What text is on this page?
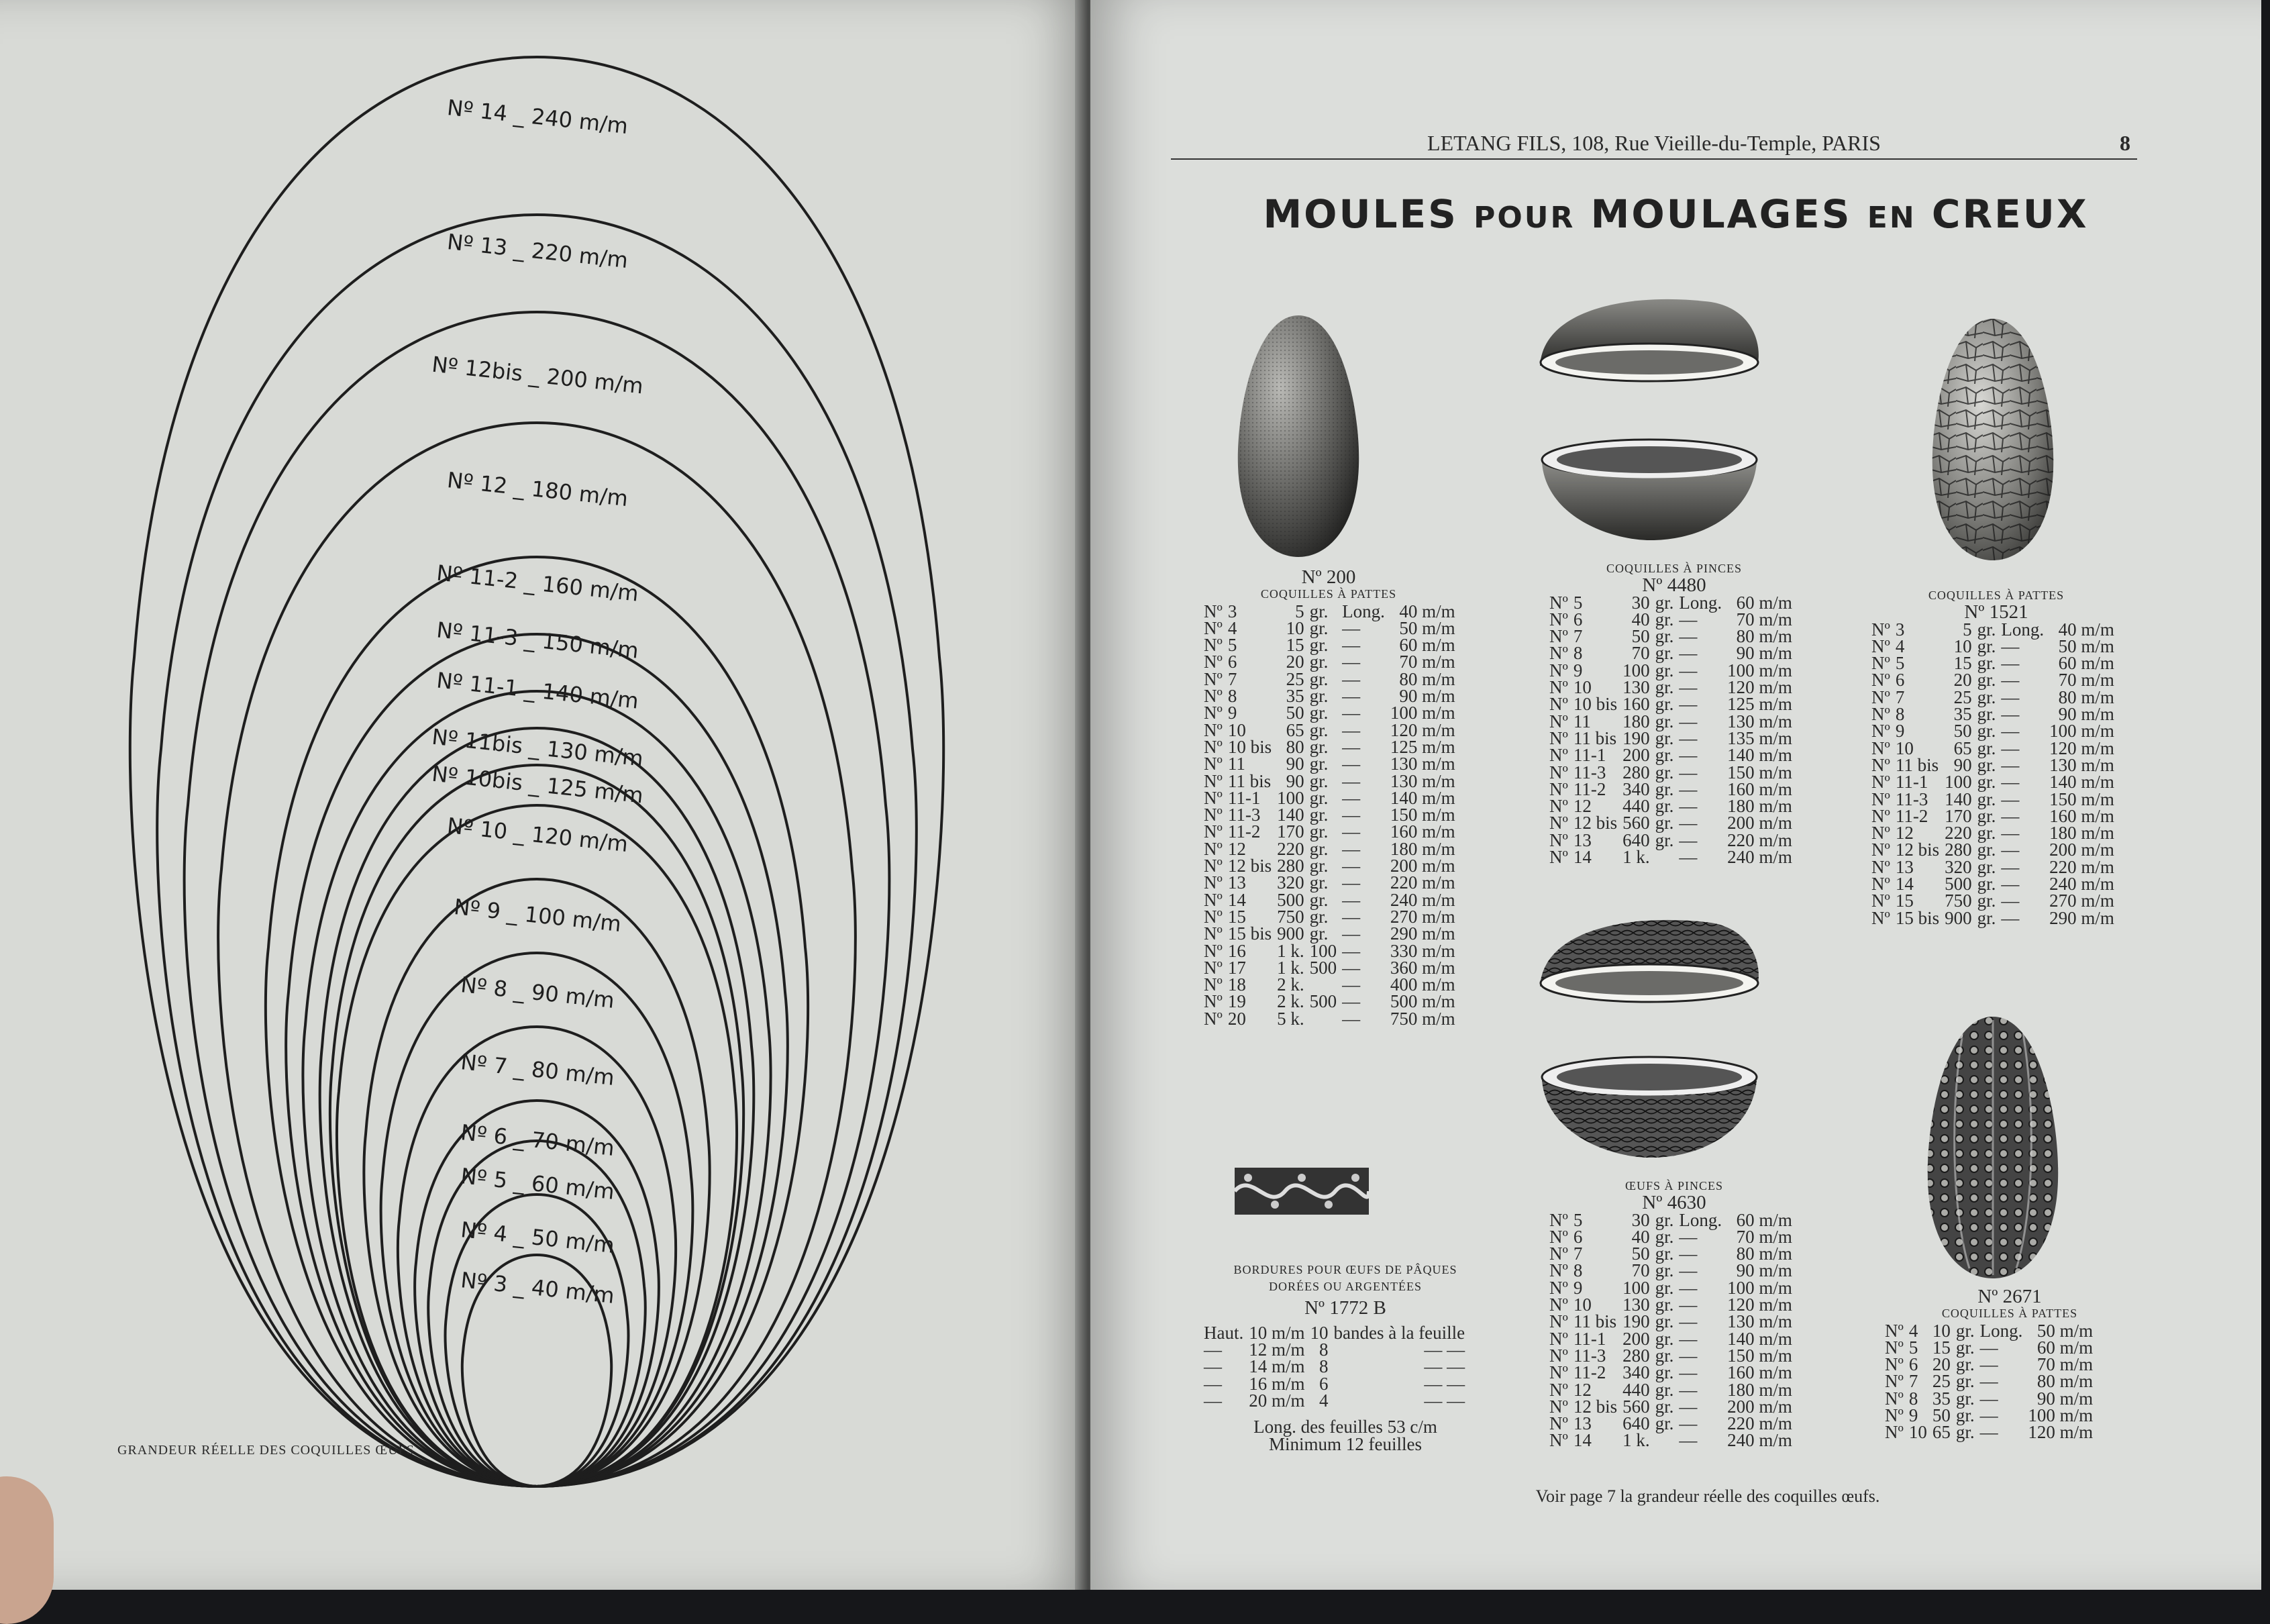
Nº 14 _ 240 m/m
Nº 13 _ 220 m/m
Nº 12bis _ 200 m/m
Nº 12 _ 180 m/m
Nº 11-2 _ 160 m/m
Nº 11-3 _ 150 m/m
Nº 11-1 _ 140 m/m
Nº 11bis _ 130 m/m
Nº 10bis _ 125 m/m
Nº 10 _ 120 m/m
Nº 9 _ 100 m/m
Nº 8 _ 90 m/m
Nº 7 _ 80 m/m
Nº 6 _ 70 m/m
Nº 5 _ 60 m/m
Nº 4 _ 50 m/m
Nº 3 _ 40 m/m
GRANDEUR RÉELLE DES COQUILLES ŒUFS
LETANG FILS, 108, Rue Vieille-du-Temple, PARIS	8

MOULES POUR MOULAGES EN CREUX
Nº 200
COQUILLES À PATTES
Nº	3	5	gr.	Long.	40 m/m
Nº	4	10	gr.	—	50 m/m
Nº	5	15	gr.	—	60 m/m
Nº	6	20	gr.	—	70 m/m
Nº	7	25	gr.	—	80 m/m
Nº	8	35	gr.	—	90 m/m
Nº	9	50	gr.	—	100 m/m
Nº	10	65	gr.	—	120 m/m
Nº	10 bis	80	gr.	—	125 m/m
Nº	11	90	gr.	—	130 m/m
Nº	11 bis	90	gr.	—	130 m/m
Nº	11-1	100	gr.	—	140 m/m
Nº	11-3	140	gr.	—	150 m/m
Nº	11-2	170	gr.	—	160 m/m
Nº	12	220	gr.	—	180 m/m
Nº	12 bis	280	gr.	—	200 m/m
Nº	13	320	gr.	—	220 m/m
Nº	14	500	gr.	—	240 m/m
Nº	15	750	gr.	—	270 m/m
Nº	15 bis	900	gr.	—	290 m/m
Nº	16	1 k.	100	—	330 m/m
Nº	17	1 k.	500	—	360 m/m
Nº	18	2 k.		—	400 m/m
Nº	19	2 k.	500	—	500 m/m
Nº	20	5 k.		—	750 m/m
COQUILLES À PINCES
Nº 4480
Nº	5	30	gr.	Long.	60 m/m
Nº	6	40	gr.	—	70 m/m
Nº	7	50	gr.	—	80 m/m
Nº	8	70	gr.	—	90 m/m
Nº	9	100	gr.	—	100 m/m
Nº	10	130	gr.	—	120 m/m
Nº	10 bis	160	gr.	—	125 m/m
Nº	11	180	gr.	—	130 m/m
Nº	11 bis	190	gr.	—	135 m/m
Nº	11-1	200	gr.	—	140 m/m
Nº	11-3	280	gr.	—	150 m/m
Nº	11-2	340	gr.	—	160 m/m
Nº	12	440	gr.	—	180 m/m
Nº	12 bis	560	gr.	—	200 m/m
Nº	13	640	gr.	—	220 m/m
Nº	14	1 k.		—	240 m/m
COQUILLES À PATTES
Nº 1521
Nº	3	5	gr.	Long.	40 m/m
Nº	4	10	gr.	—	50 m/m
Nº	5	15	gr.	—	60 m/m
Nº	6	20	gr.	—	70 m/m
Nº	7	25	gr.	—	80 m/m
Nº	8	35	gr.	—	90 m/m
Nº	9	50	gr.	—	100 m/m
Nº	10	65	gr.	—	120 m/m
Nº	11 bis	90	gr.	—	130 m/m
Nº	11-1	100	gr.	—	140 m/m
Nº	11-3	140	gr.	—	150 m/m
Nº	11-2	170	gr.	—	160 m/m
Nº	12	220	gr.	—	180 m/m
Nº	12 bis	280	gr.	—	200 m/m
Nº	13	320	gr.	—	220 m/m
Nº	14	500	gr.	—	240 m/m
Nº	15	750	gr.	—	270 m/m
Nº	15 bis	900	gr.	—	290 m/m
ŒUFS À PINCES
Nº 4630
Nº	5	30	gr.	Long.	60 m/m
Nº	6	40	gr.	—	70 m/m
Nº	7	50	gr.	—	80 m/m
Nº	8	70	gr.	—	90 m/m
Nº	9	100	gr.	—	100 m/m
Nº	10	130	gr.	—	120 m/m
Nº	11 bis	190	gr.	—	130 m/m
Nº	11-1	200	gr.	—	140 m/m
Nº	11-3	280	gr.	—	150 m/m
Nº	11-2	340	gr.	—	160 m/m
Nº	12	440	gr.	—	180 m/m
Nº	12 bis	560	gr.	—	200 m/m
Nº	13	640	gr.	—	220 m/m
Nº	14	1 k.		—	240 m/m
Nº 2671
COQUILLES À PATTES
Nº	4	10	gr.	Long.	50 m/m
Nº	5	15	gr.	—	60 m/m
Nº	6	20	gr.	—	70 m/m
Nº	7	25	gr.	—	80 m/m
Nº	8	35	gr.	—	90 m/m
Nº	9	50	gr.	—	100 m/m
Nº	10	65	gr.	—	120 m/m
BORDURES POUR ŒUFS DE PÂQUES
DORÉES OU ARGENTÉES
Nº 1772 B
Haut.	10 m/m	10	bandes à la feuille
—	12 m/m	8	— —
—	14 m/m	8	— —
—	16 m/m	6	— —
—	20 m/m	4	— —
Long. des feuilles 53 c/m
Minimum 12 feuilles
Voir page 7 la grandeur réelle des coquilles œufs.
